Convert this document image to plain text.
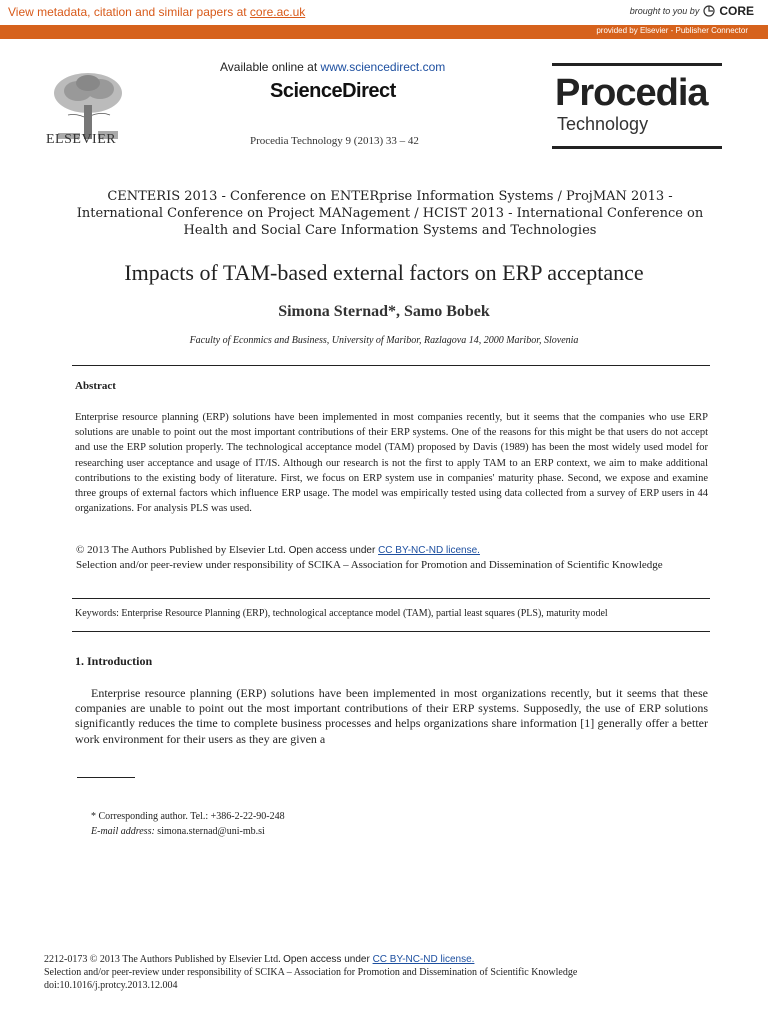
View metadata, citation and similar papers at core.ac.uk	brought to you by CORE
provided by Elsevier - Publisher Connector
ELSEVIER
Available online at www.sciencedirect.com
ScienceDirect
Procedia Technology 9 (2013) 33 – 42
Procedia
Technology
CENTERIS 2013 - Conference on ENTERprise Information Systems / ProjMAN 2013 - International Conference on Project MANagement / HCIST 2013 - International Conference on Health and Social Care Information Systems and Technologies
Impacts of TAM-based external factors on ERP acceptance
Simona Sternad*, Samo Bobek
Faculty of Econmics and Business, University of Maribor, Razlagova 14, 2000 Maribor, Slovenia
Abstract
Enterprise resource planning (ERP) solutions have been implemented in most companies recently, but it seems that the companies who use ERP solutions are unable to point out the most important contributions of their ERP systems. One of the reasons for this might be that users do not accept and use the ERP solution properly. The technological acceptance model (TAM) proposed by Davis (1989) has been the most widely used model for researching user acceptance and usage of IT/IS. Although our research is not the first to apply TAM to an ERP context, we aim to make additional contributions to the existing body of literature. First, we focus on ERP system use in companies' maturity phase. Second, we expose and examine three groups of external factors which influence ERP usage. The model was empirically tested using data collected from a survey of ERP users in 44 organizations. For analysis PLS was used.
© 2013 The Authors Published by Elsevier Ltd. Open access under CC BY-NC-ND license.
Selection and/or peer-review under responsibility of SCIKA – Association for Promotion and Dissemination of Scientific Knowledge
Keywords: Enterprise Resource Planning (ERP), technological acceptance model (TAM), partial least squares (PLS), maturity model
1. Introduction
Enterprise resource planning (ERP) solutions have been implemented in most organizations recently, but it seems that these companies are unable to point out the most important contributions of their ERP systems. Supposedly, the use of ERP solutions significantly reduces the time to complete business processes and helps organizations share information [1] generally offer a better work environment for their users as they are given a
* Corresponding author. Tel.: +386-2-22-90-248
E-mail address: simona.sternad@uni-mb.si
2212-0173 © 2013 The Authors Published by Elsevier Ltd. Open access under CC BY-NC-ND license.
Selection and/or peer-review under responsibility of SCIKA – Association for Promotion and Dissemination of Scientific Knowledge
doi:10.1016/j.protcy.2013.12.004
